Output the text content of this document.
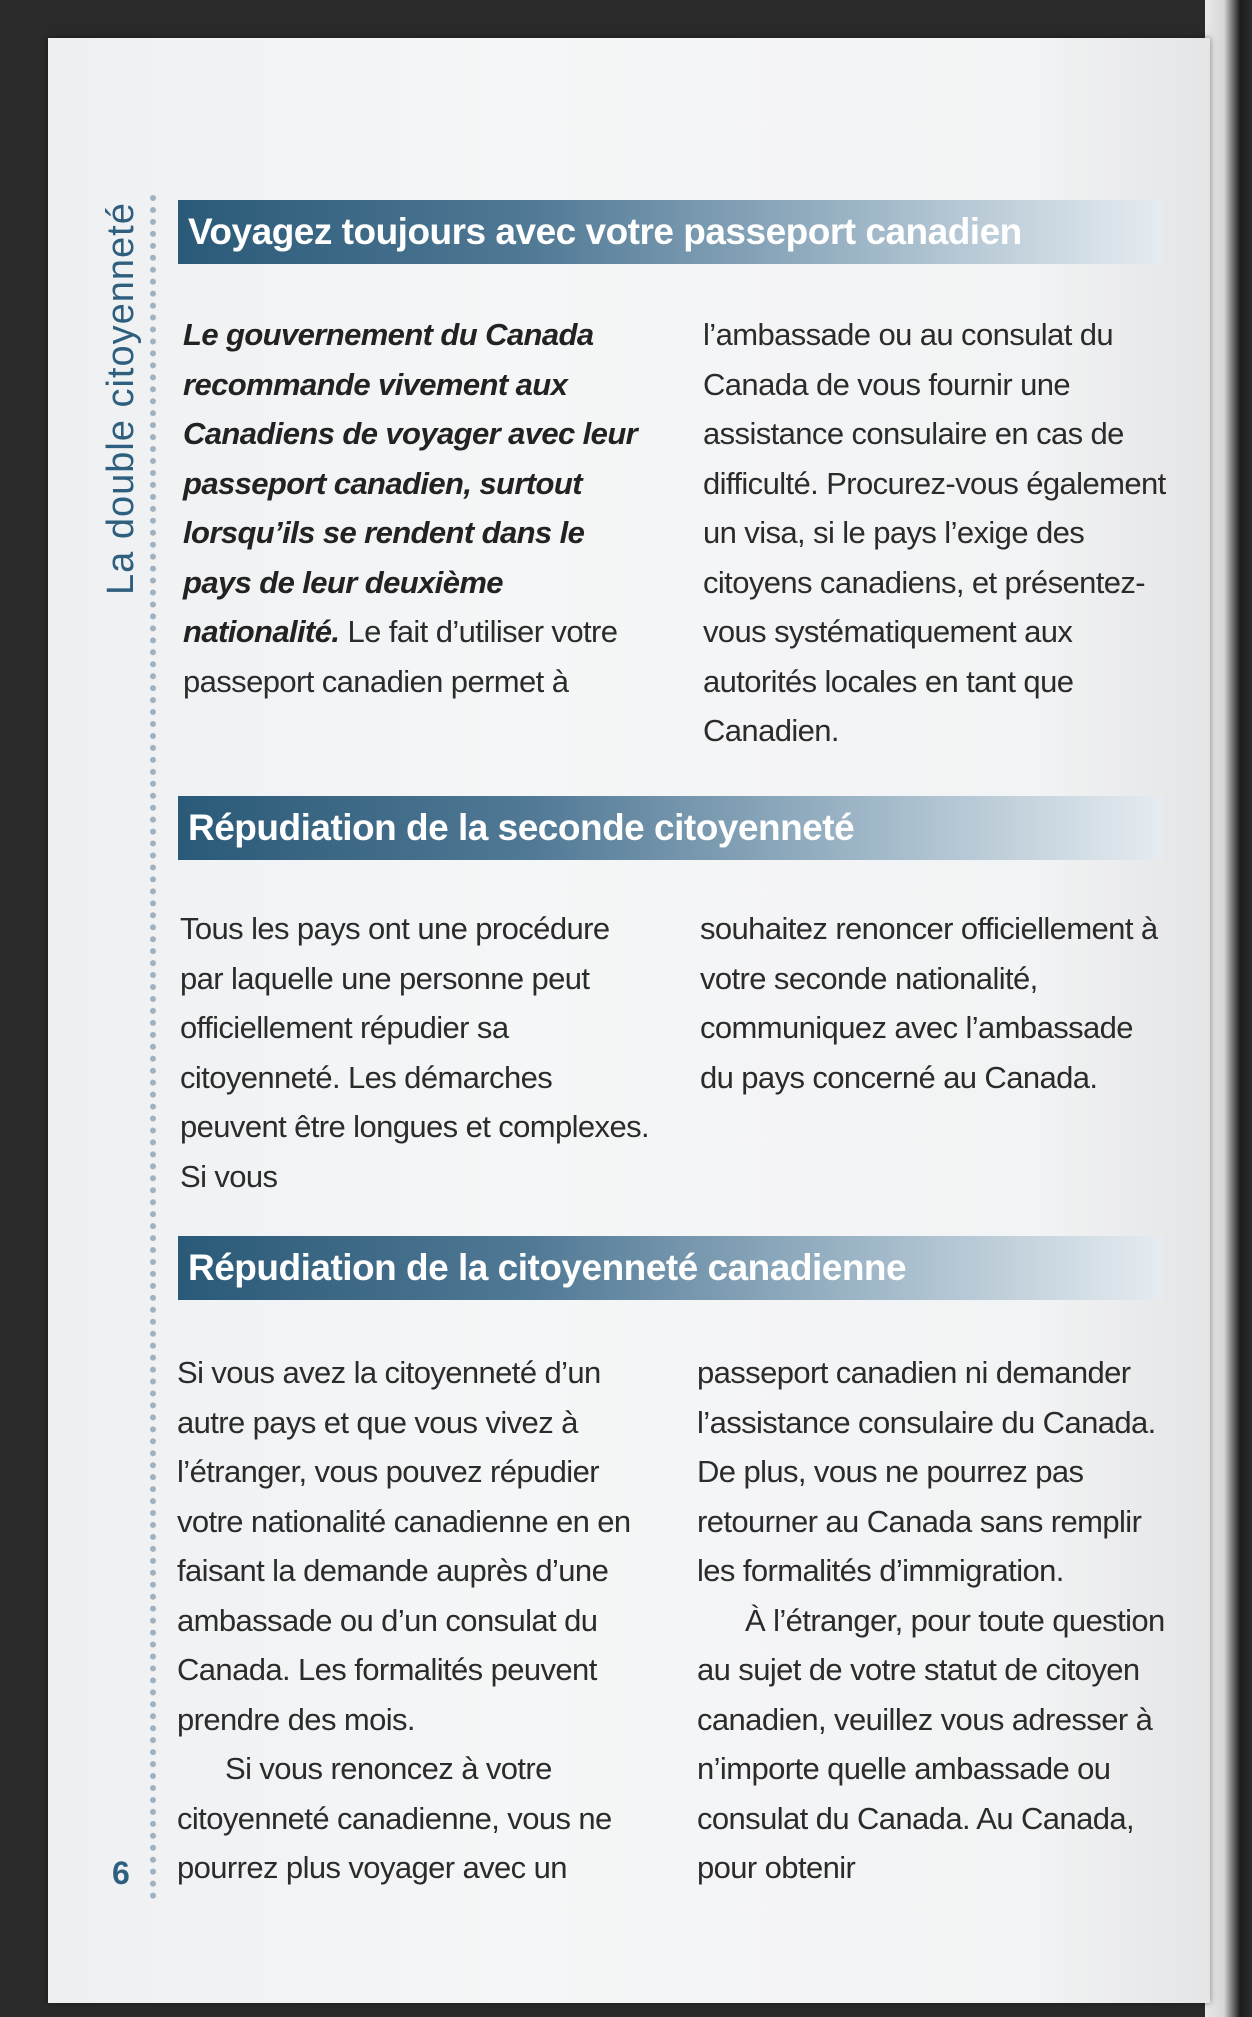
La double citoyenneté
6
Voyagez toujours avec votre passeport canadien

Le gouvernement du Canada recommande vivement aux Canadiens de voyager avec leur passeport canadien, surtout lorsqu’ils se rendent dans le pays de leur deuxième nationalité. Le fait d’utiliser votre passeport canadien permet à

l’ambassade ou au consulat du Canada de vous fournir une assistance consulaire en cas de difficulté. Procurez-vous également un visa, si le pays l’exige des citoyens canadiens, et présentez-vous systématiquement aux autorités locales en tant que Canadien.

Répudiation de la seconde citoyenneté

Tous les pays ont une procédure par laquelle une personne peut officiellement répudier sa citoyenneté. Les démarches peuvent être longues et complexes. Si vous

souhaitez renoncer officiellement à votre seconde nationalité, communiquez avec l’ambassade du pays concerné au Canada.

Répudiation de la citoyenneté canadienne

Si vous avez la citoyenneté d’un autre pays et que vous vivez à l’étranger, vous pouvez répudier votre nationalité canadienne en en faisant la demande auprès d’une ambassade ou d’un consulat du Canada. Les formalités peuvent prendre des mois.

Si vous renoncez à votre citoyenneté canadienne, vous ne pourrez plus voyager avec un

passeport canadien ni demander l’assistance consulaire du Canada. De plus, vous ne pourrez pas retourner au Canada sans remplir les formalités d’immigration.

À l’étranger, pour toute question au sujet de votre statut de citoyen canadien, veuillez vous adresser à n’importe quelle ambassade ou consulat du Canada. Au Canada, pour obtenir
